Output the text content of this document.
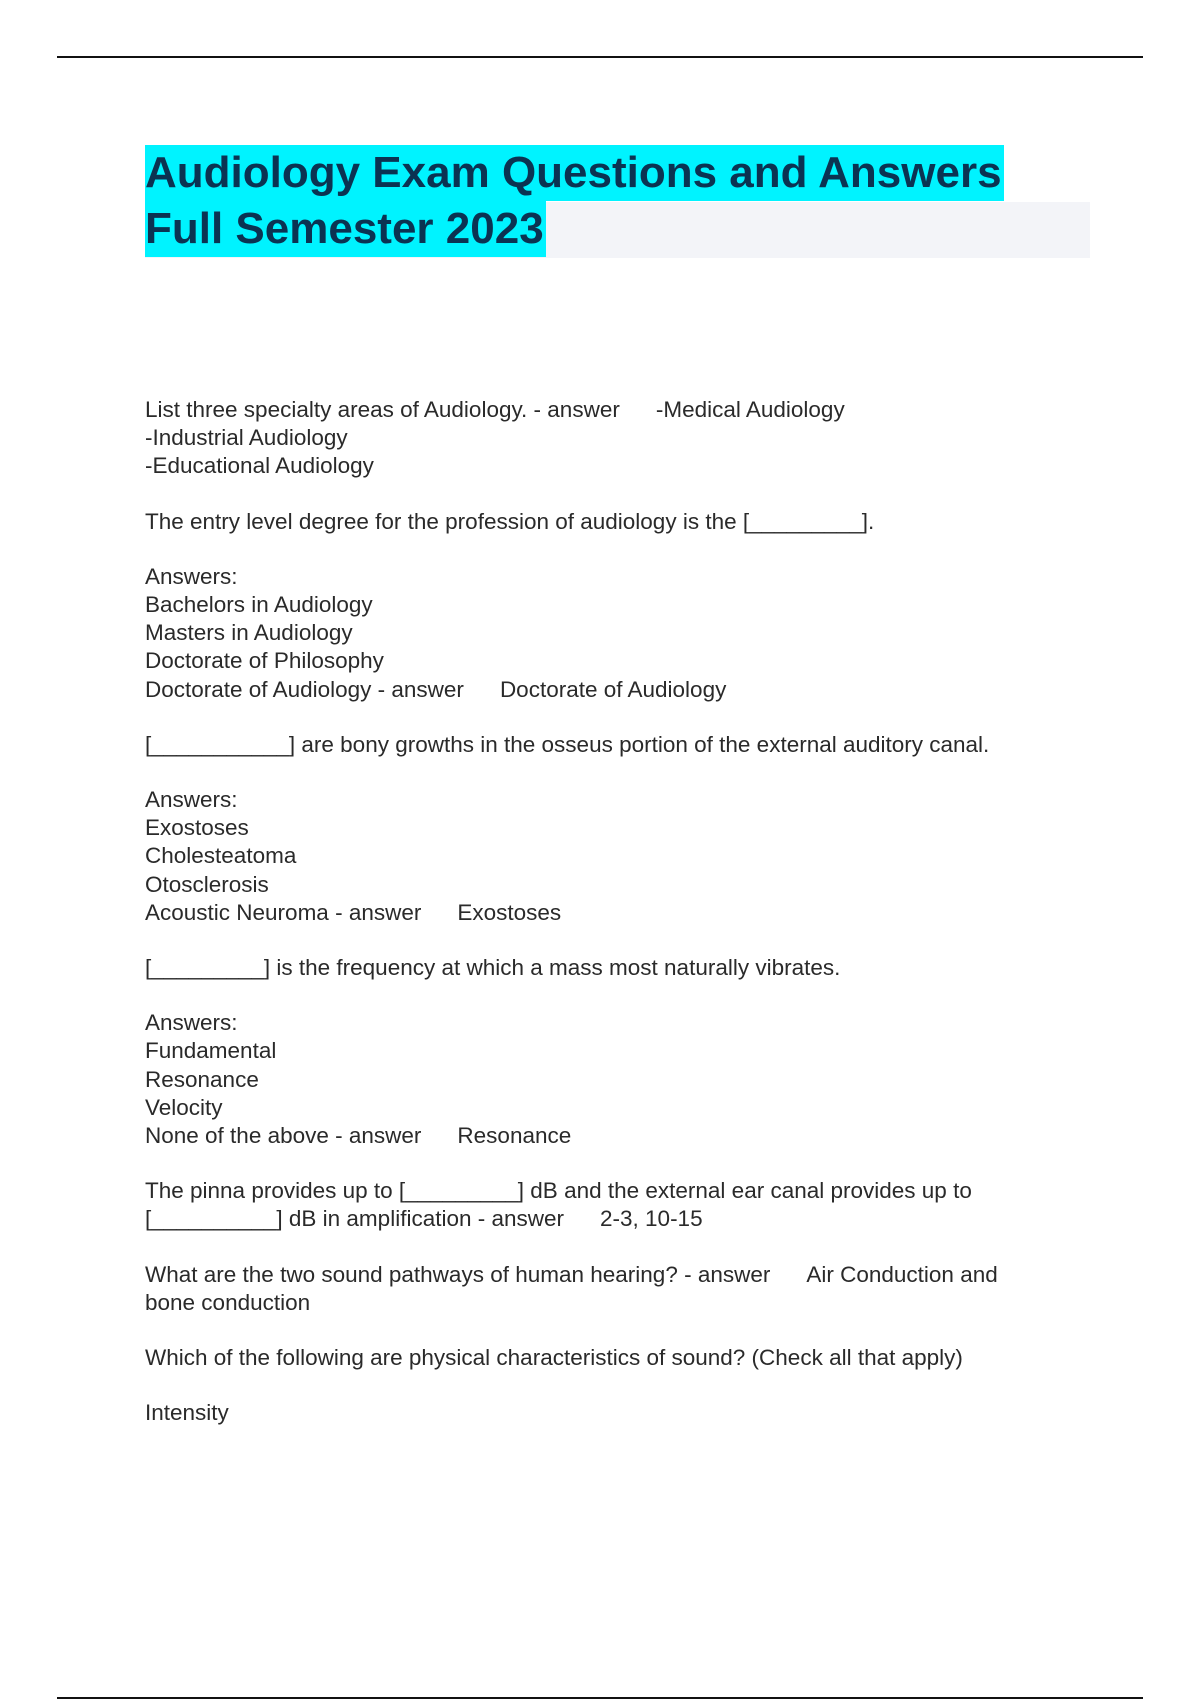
Audiology Exam Questions and Answers
Full Semester 2023
List three specialty areas of Audiology. - answer -Medical Audiology
-Industrial Audiology
-Educational Audiology
The entry level degree for the profession of audiology is the [_________].
Answers:
Bachelors in Audiology
Masters in Audiology
Doctorate of Philosophy
Doctorate of Audiology - answer Doctorate of Audiology
[___________] are bony growths in the osseus portion of the external auditory canal.
Answers:
Exostoses
Cholesteatoma
Otosclerosis
Acoustic Neuroma - answer Exostoses
[_________] is the frequency at which a mass most naturally vibrates.
Answers:
Fundamental
Resonance
Velocity
None of the above - answer Resonance
The pinna provides up to [_________] dB and the external ear canal provides up to
[__________] dB in amplification - answer 2-3, 10-15
What are the two sound pathways of human hearing? - answer Air Conduction and
bone conduction
Which of the following are physical characteristics of sound? (Check all that apply)
Intensity
